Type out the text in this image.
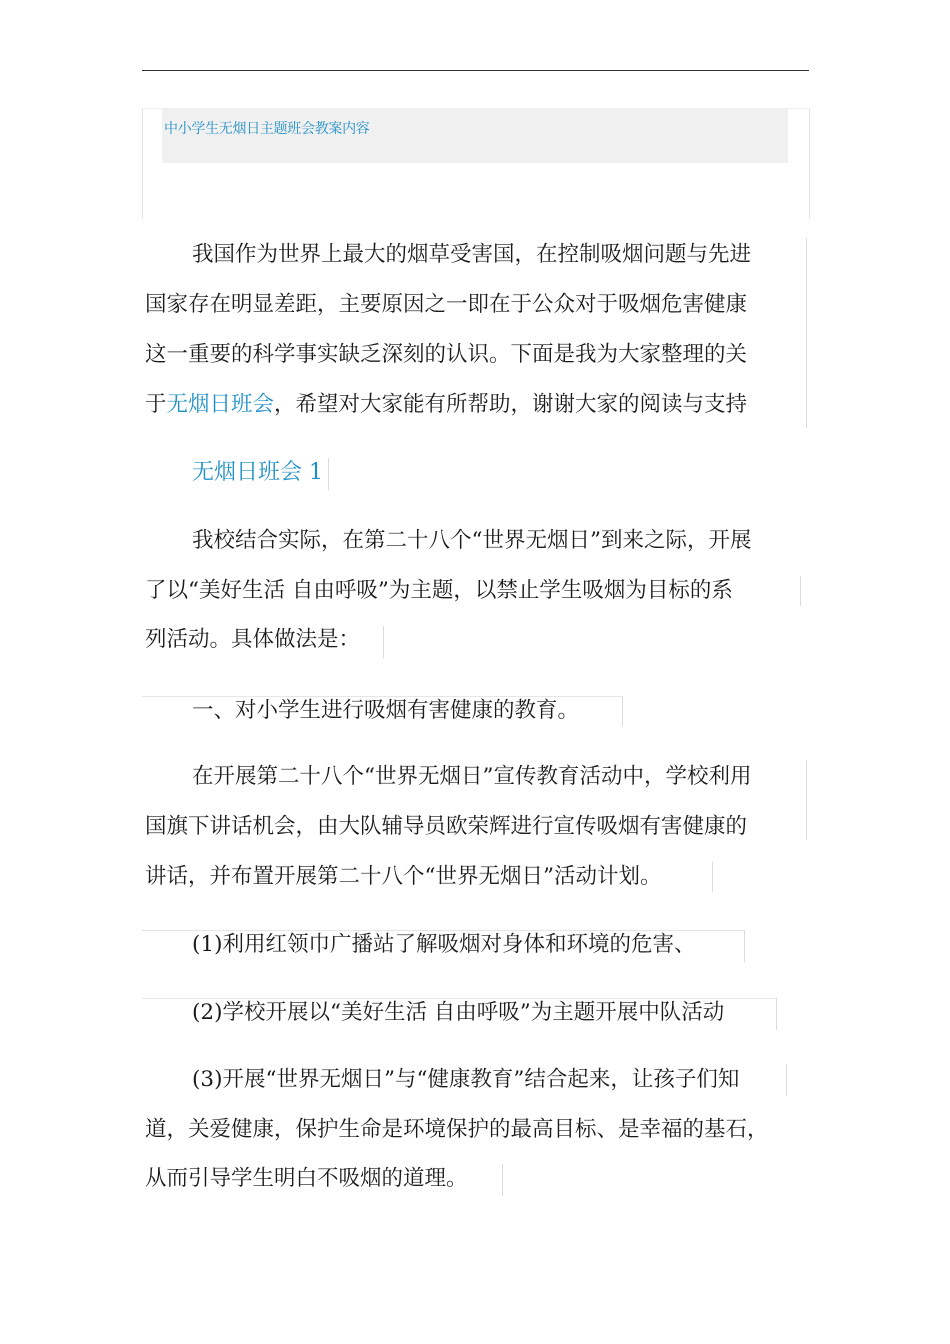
中小学生无烟日主题班会教案内容
我国作为世界上最大的烟草受害国，在控制吸烟问题与先进
国家存在明显差距，主要原因之一即在于公众对于吸烟危害健康
这一重要的科学事实缺乏深刻的认识。下面是我为大家整理的关
于无烟日班会，希望对大家能有所帮助，谢谢大家的阅读与支持
无烟日班会 1
我校结合实际，在第二十八个“世界无烟日”到来之际，开展
了以“美好生活 自由呼吸”为主题，以禁止学生吸烟为目标的系
列活动。具体做法是：
一、对小学生进行吸烟有害健康的教育。
在开展第二十八个“世界无烟日”宣传教育活动中，学校利用
国旗下讲话机会，由大队辅导员欧荣辉进行宣传吸烟有害健康的
讲话，并布置开展第二十八个“世界无烟日”活动计划。
(1)利用红领巾广播站了解吸烟对身体和环境的危害、
(2)学校开展以“美好生活 自由呼吸”为主题开展中队活动
(3)开展“世界无烟日”与“健康教育”结合起来，让孩子们知
道，关爱健康，保护生命是环境保护的最高目标、是幸福的基石，
从而引导学生明白不吸烟的道理。
